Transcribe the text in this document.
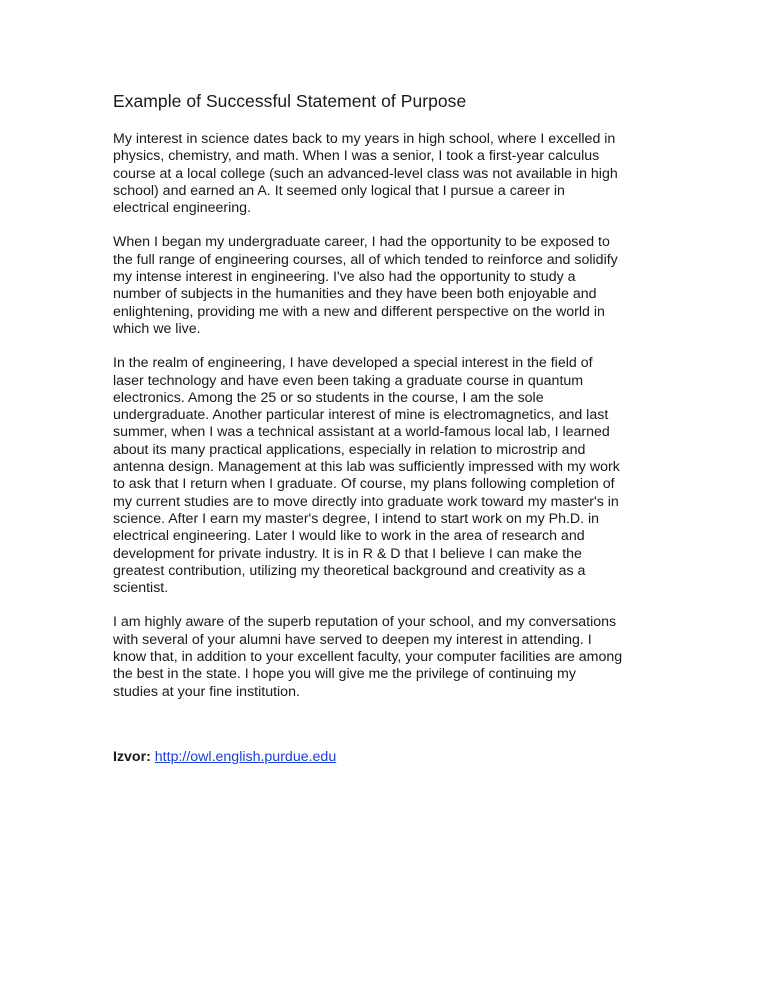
Example of Successful Statement of Purpose

My interest in science dates back to my years in high school, where I excelled in
physics, chemistry, and math. When I was a senior, I took a first-year calculus
course at a local college (such an advanced-level class was not available in high
school) and earned an A. It seemed only logical that I pursue a career in
electrical engineering.

When I began my undergraduate career, I had the opportunity to be exposed to
the full range of engineering courses, all of which tended to reinforce and solidify
my intense interest in engineering. I've also had the opportunity to study a
number of subjects in the humanities and they have been both enjoyable and
enlightening, providing me with a new and different perspective on the world in
which we live.

In the realm of engineering, I have developed a special interest in the field of
laser technology and have even been taking a graduate course in quantum
electronics. Among the 25 or so students in the course, I am the sole
undergraduate. Another particular interest of mine is electromagnetics, and last
summer, when I was a technical assistant at a world-famous local lab, I learned
about its many practical applications, especially in relation to microstrip and
antenna design. Management at this lab was sufficiently impressed with my work
to ask that I return when I graduate. Of course, my plans following completion of
my current studies are to move directly into graduate work toward my master's in
science. After I earn my master's degree, I intend to start work on my Ph.D. in
electrical engineering. Later I would like to work in the area of research and
development for private industry. It is in R & D that I believe I can make the
greatest contribution, utilizing my theoretical background and creativity as a
scientist.

I am highly aware of the superb reputation of your school, and my conversations
with several of your alumni have served to deepen my interest in attending. I
know that, in addition to your excellent faculty, your computer facilities are among
the best in the state. I hope you will give me the privilege of continuing my
studies at your fine institution.

Izvor: http://owl.english.purdue.edu
